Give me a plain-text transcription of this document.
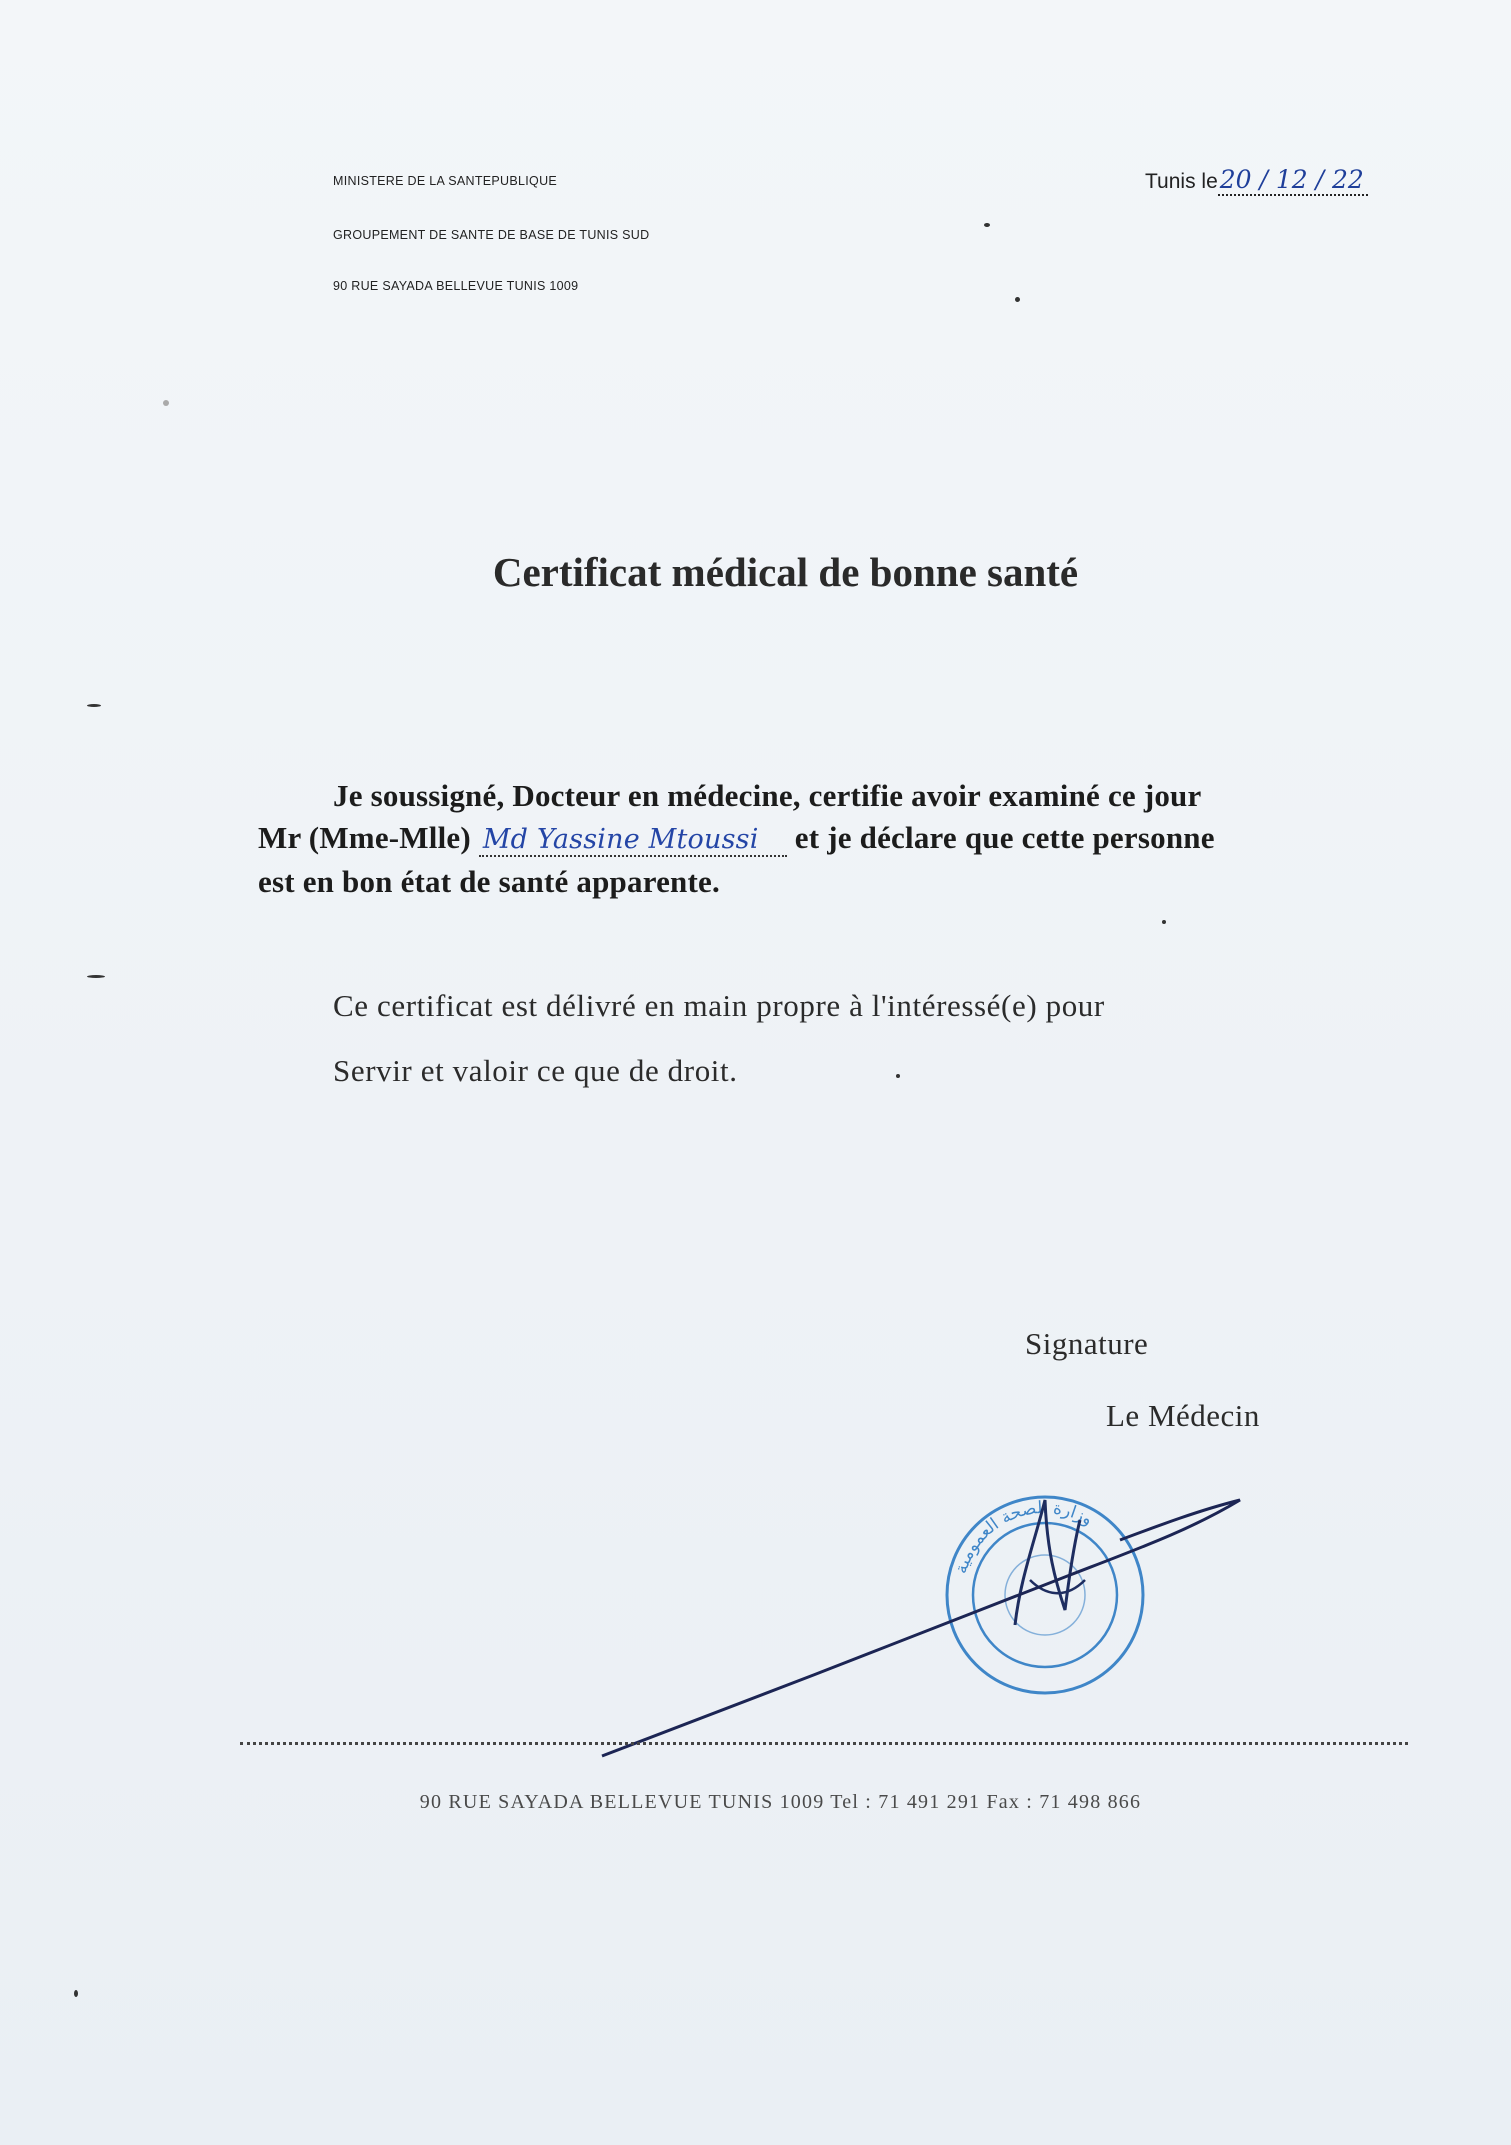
MINISTERE DE LA SANTEPUBLIQUE
GROUPEMENT DE SANTE DE BASE DE TUNIS SUD
90 RUE SAYADA BELLEVUE TUNIS 1009
Tunis le20 / 12 / 22
Certificat médical de bonne santé
Je soussigné, Docteur en médecine, certifie avoir examiné ce jour
Mr (Mme-Mlle) Md Yassine Mtoussi et je déclare que cette personne
est en bon état de santé apparente.
Ce certificat est délivré en main propre à l'intéressé(e) pour
Servir et valoir ce que de droit.
Signature
Le Médecin
وزارة الصحة العمومية
90 RUE SAYADA BELLEVUE TUNIS 1009 Tel : 71 491 291 Fax : 71 498 866
